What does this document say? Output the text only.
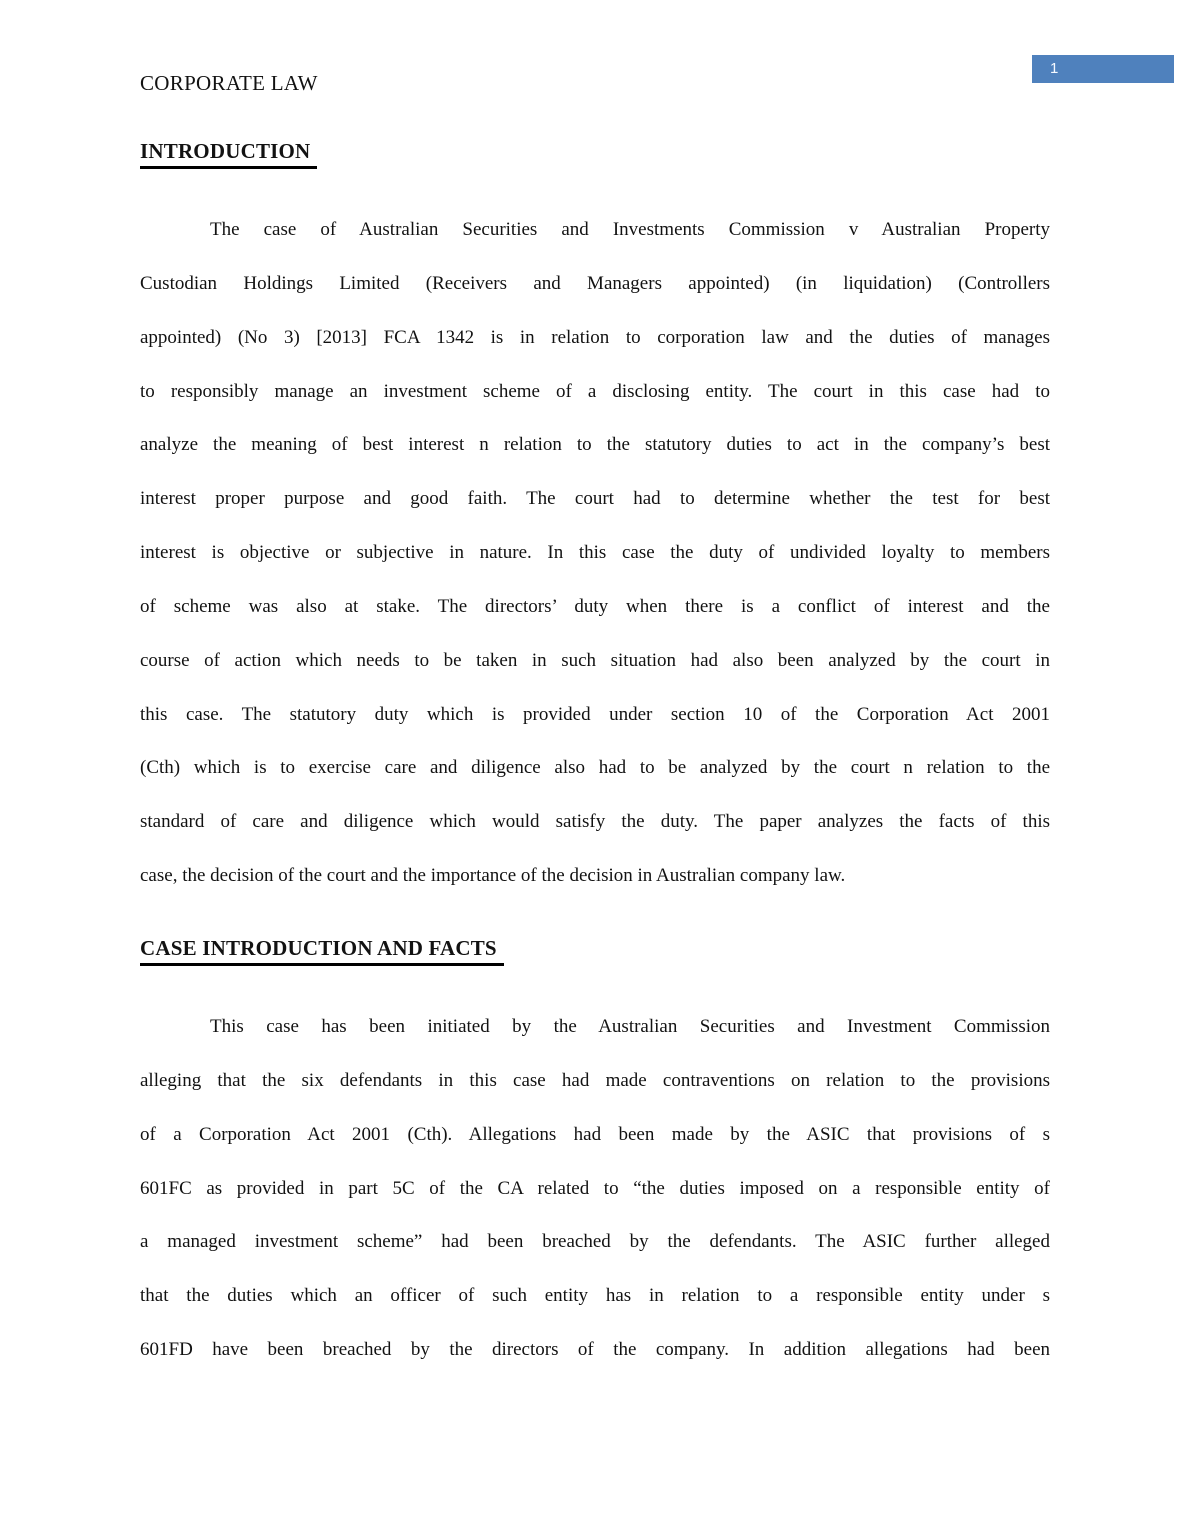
CORPORATE LAW
1
INTRODUCTION
The case of Australian Securities and Investments Commission v Australian Property
Custodian Holdings Limited (Receivers and Managers appointed) (in liquidation) (Controllers
appointed) (No 3) [2013] FCA 1342 is in relation to corporation law and the duties of manages
to responsibly manage an investment scheme of a disclosing entity. The court in this case had to
analyze the meaning of best interest n relation to the statutory duties to act in the company’s best
interest proper purpose and good faith. The court had to determine whether the test for best
interest is objective or subjective in nature. In this case the duty of undivided loyalty to members
of scheme was also at stake. The directors’ duty when there is a conflict of interest and the
course of action which needs to be taken in such situation had also been analyzed by the court in
this case. The statutory duty which is provided under section 10 of the Corporation Act 2001
(Cth) which is to exercise care and diligence also had to be analyzed by the court n relation to the
standard of care and diligence which would satisfy the duty. The paper analyzes the facts of this
case, the decision of the court and the importance of the decision in Australian company law.
CASE INTRODUCTION AND FACTS
This case has been initiated by the Australian Securities and Investment Commission
alleging that the six defendants in this case had made contraventions on relation to the provisions
of a Corporation Act 2001 (Cth). Allegations had been made by the ASIC that provisions of s
601FC as provided in part 5C of the CA related to “the duties imposed on a responsible entity of
a managed investment scheme” had been breached by the defendants. The ASIC further alleged
that the duties which an officer of such entity has in relation to a responsible entity under s
601FD have been breached by the directors of the company. In addition allegations had been
